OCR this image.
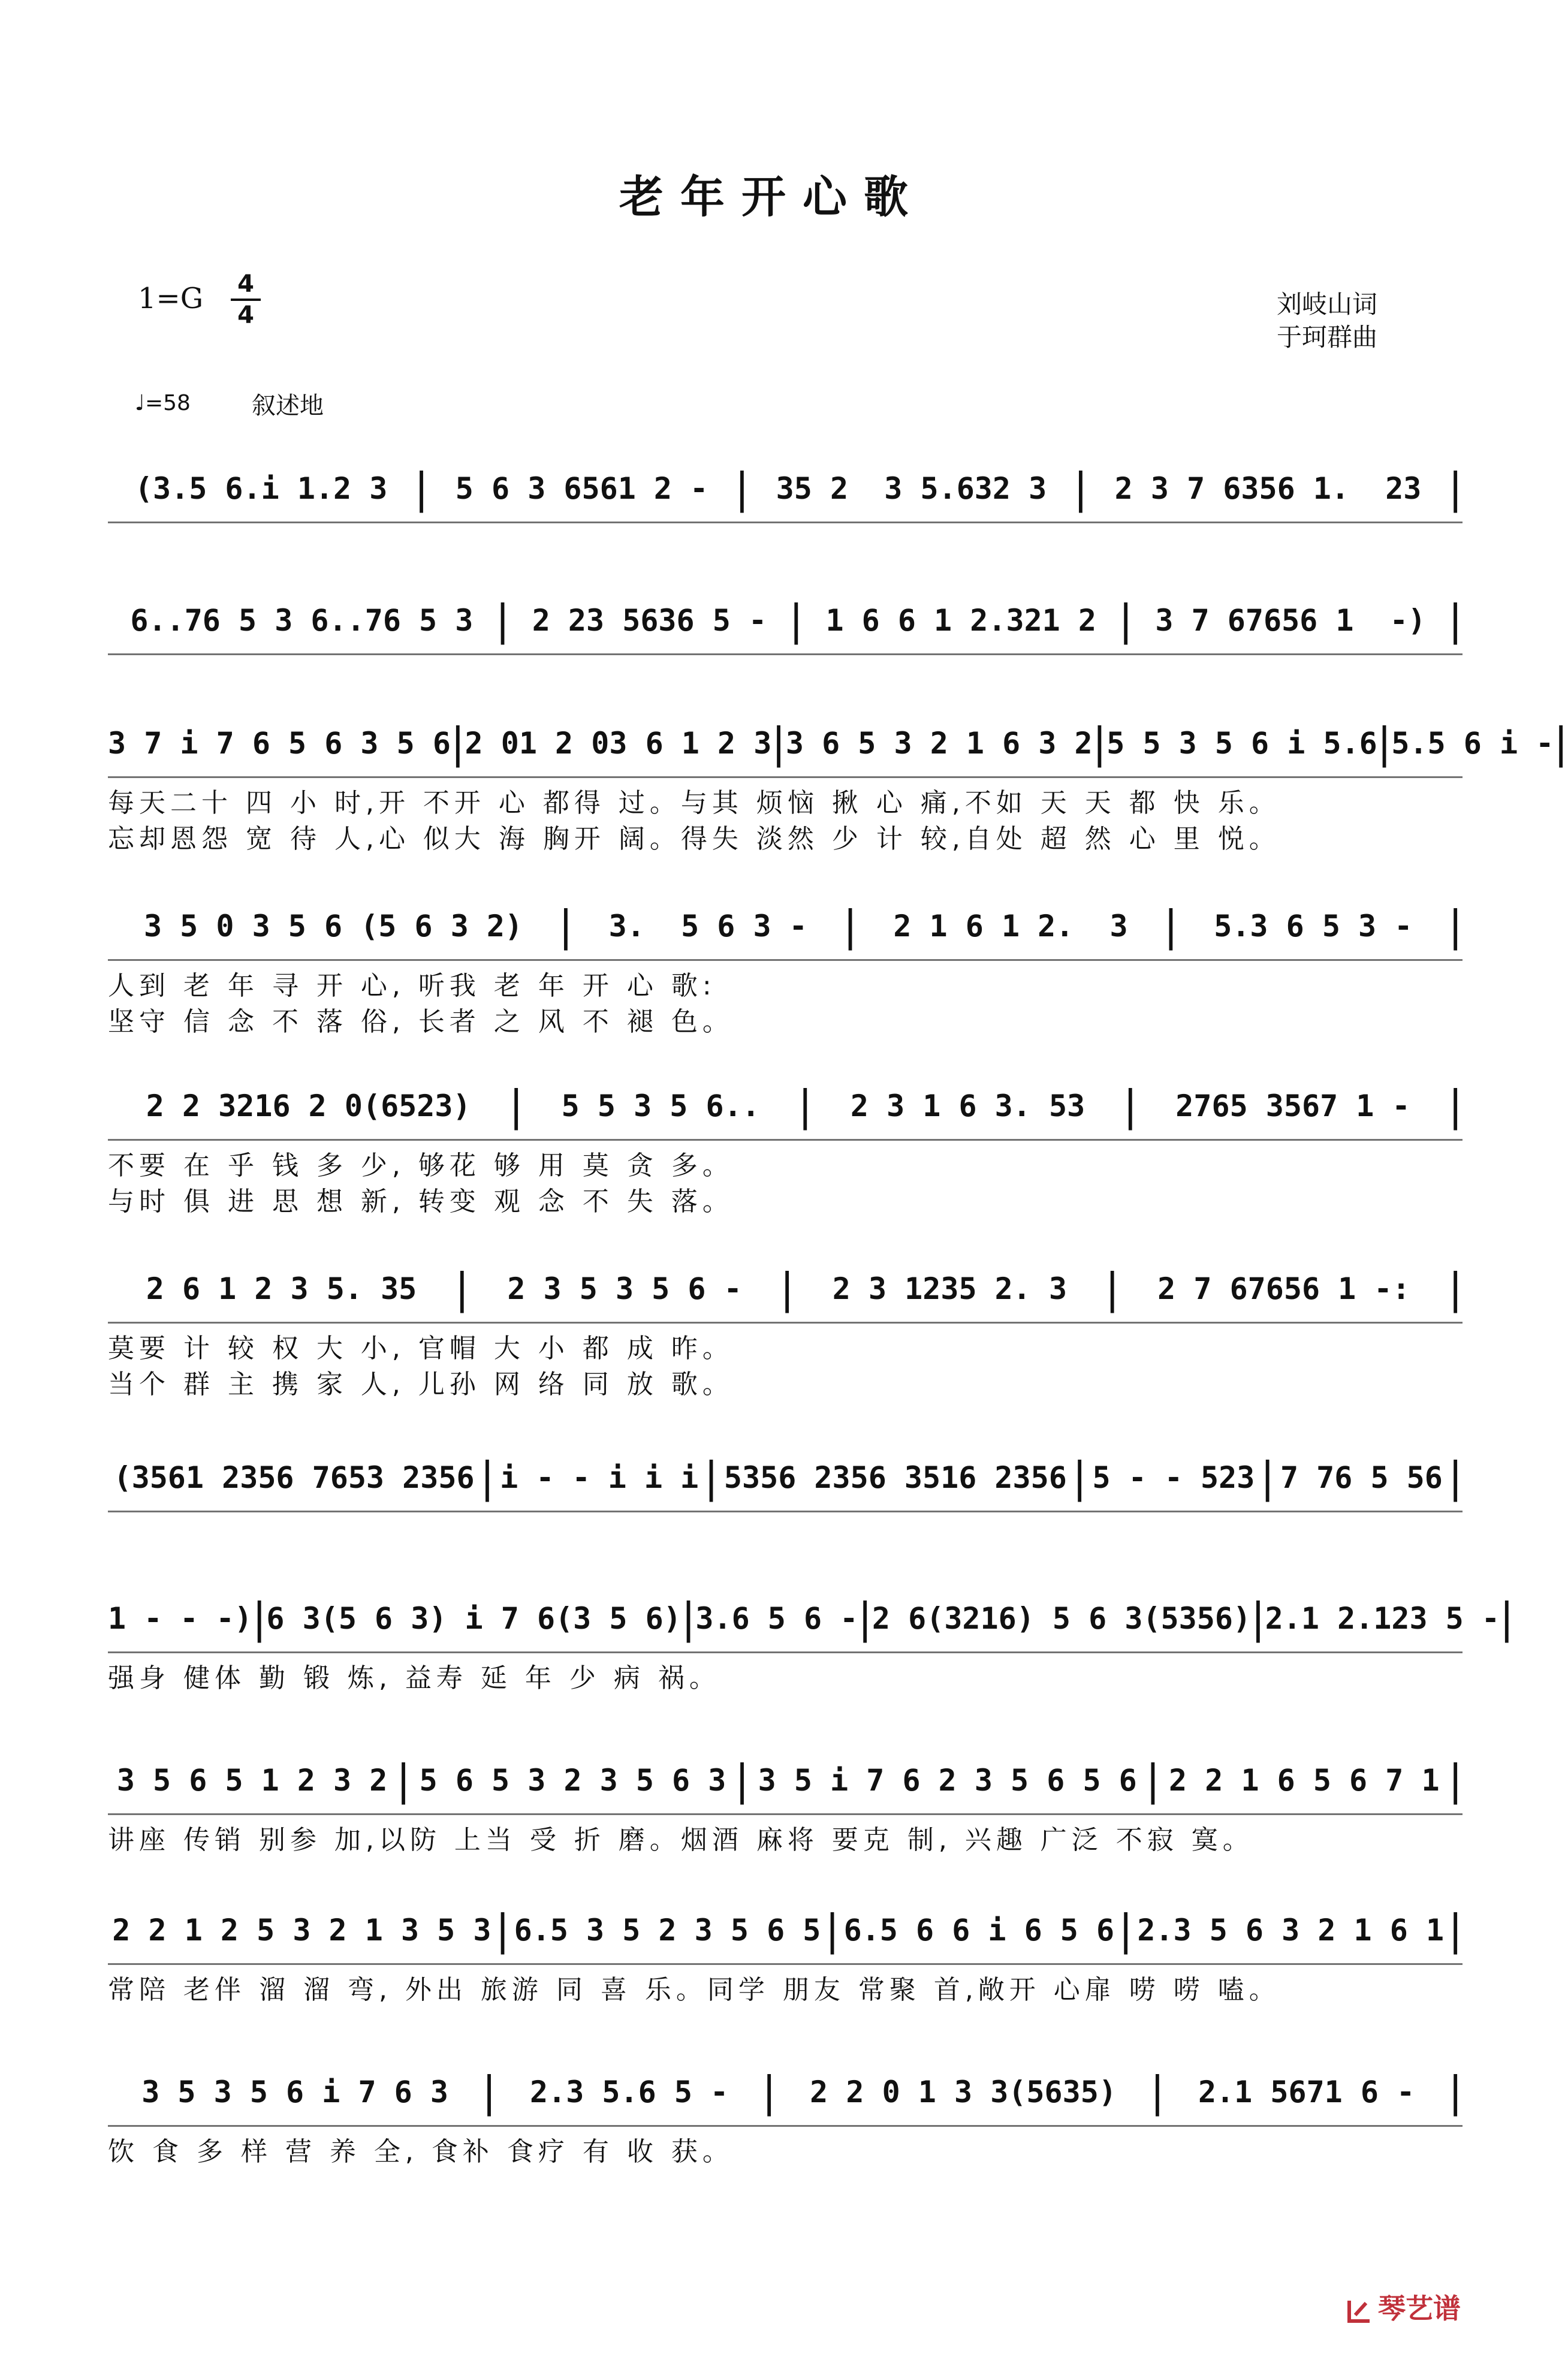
老年开心歌
1=G 4
4	刘岐山词
于珂群曲
♩=58	叙述地
(3.5 6.i 1.2 3 | 5 6 3 6561 2 - | 35 2  3 5.632 3 | 2 3 7 6356 1.  23 |
6..76 5 3 6..76 5 3 | 2 23 5636 5 - | 1 6 6 1 2.321 2 | 3 7 67656 1  -) |
3 7 i 7 6 5 6 3 5 6 | 2 01 2 03 6 1 2 3 | 3 6 5 3 2 1 6 3 2 | 5 5 3 5 6 i 5.6 | 5.5 6 i - |
每天二十 四 小 时,开 不开 心 都得 过。与其 烦恼 揪 心 痛,不如 天 天 都 快 乐。
忘却恩怨 宽 待 人,心 似大 海 胸开 阔。得失 淡然 少 计 较,自处 超 然 心 里 悦。
3 5 0 3 5 6 (5 6 3 2) | 3.  5 6 3 - | 2 1 6 1 2.  3 | 5.3 6 5 3 - |
人到 老 年 寻 开 心, 听我 老 年 开 心 歌:
坚守 信 念 不 落 俗, 长者 之 风 不 褪 色。
2 2 3216 2 0(6523) | 5 5 3 5 6.. | 2 3 1 6 3. 53 | 2765 3567 1 - |
不要 在 乎 钱 多 少, 够花 够 用 莫 贪 多。
与时 俱 进 思 想 新, 转变 观 念 不 失 落。
2 6 1 2 3 5. 35 | 2 3 5 3 5 6 - | 2 3 1235 2. 3 | 2 7 67656 1 -: |
莫要 计 较 权 大 小, 官帽 大 小 都 成 昨。
当个 群 主 携 家 人, 儿孙 网 络 同 放 歌。
(3561 2356 7653 2356 | i - - i i i | 5356 2356 3516 2356 | 5 - - 523 | 7 76 5 56 |
1 - - -) | 6 3(5 6 3) i 7 6(3 5 6) | 3.6 5 6 - | 2 6(3216) 5 6 3(5356) | 2.1 2.123 5 - |
强身 健体 勤 锻 炼, 益寿 延 年 少 病 祸。
3 5 6 5 1 2 3 2 | 5 6 5 3 2 3 5 6 3 | 3 5 i 7 6 2 3 5 6 5 6 | 2 2 1 6 5 6 7 1 |
讲座 传销 别参 加,以防 上当 受 折 磨。烟酒 麻将 要克 制, 兴趣 广泛 不寂 寞。
2 2 1 2 5 3 2 1 3 5 3 | 6.5 3 5 2 3 5 6 5 | 6.5 6 6 i 6 5 6 | 2.3 5 6 3 2 1 6 1 |
常陪 老伴 溜 溜 弯, 外出 旅游 同 喜 乐。同学 朋友 常聚 首,敞开 心扉 唠 唠 嗑。
3 5 3 5 6 i 7 6 3 | 2.3 5.6 5 - | 2 2 0 1 3 3(5635) | 2.1 5671 6 - |
饮 食 多 样 营 养 全, 食补 食疗 有 收 获。
琴艺谱
